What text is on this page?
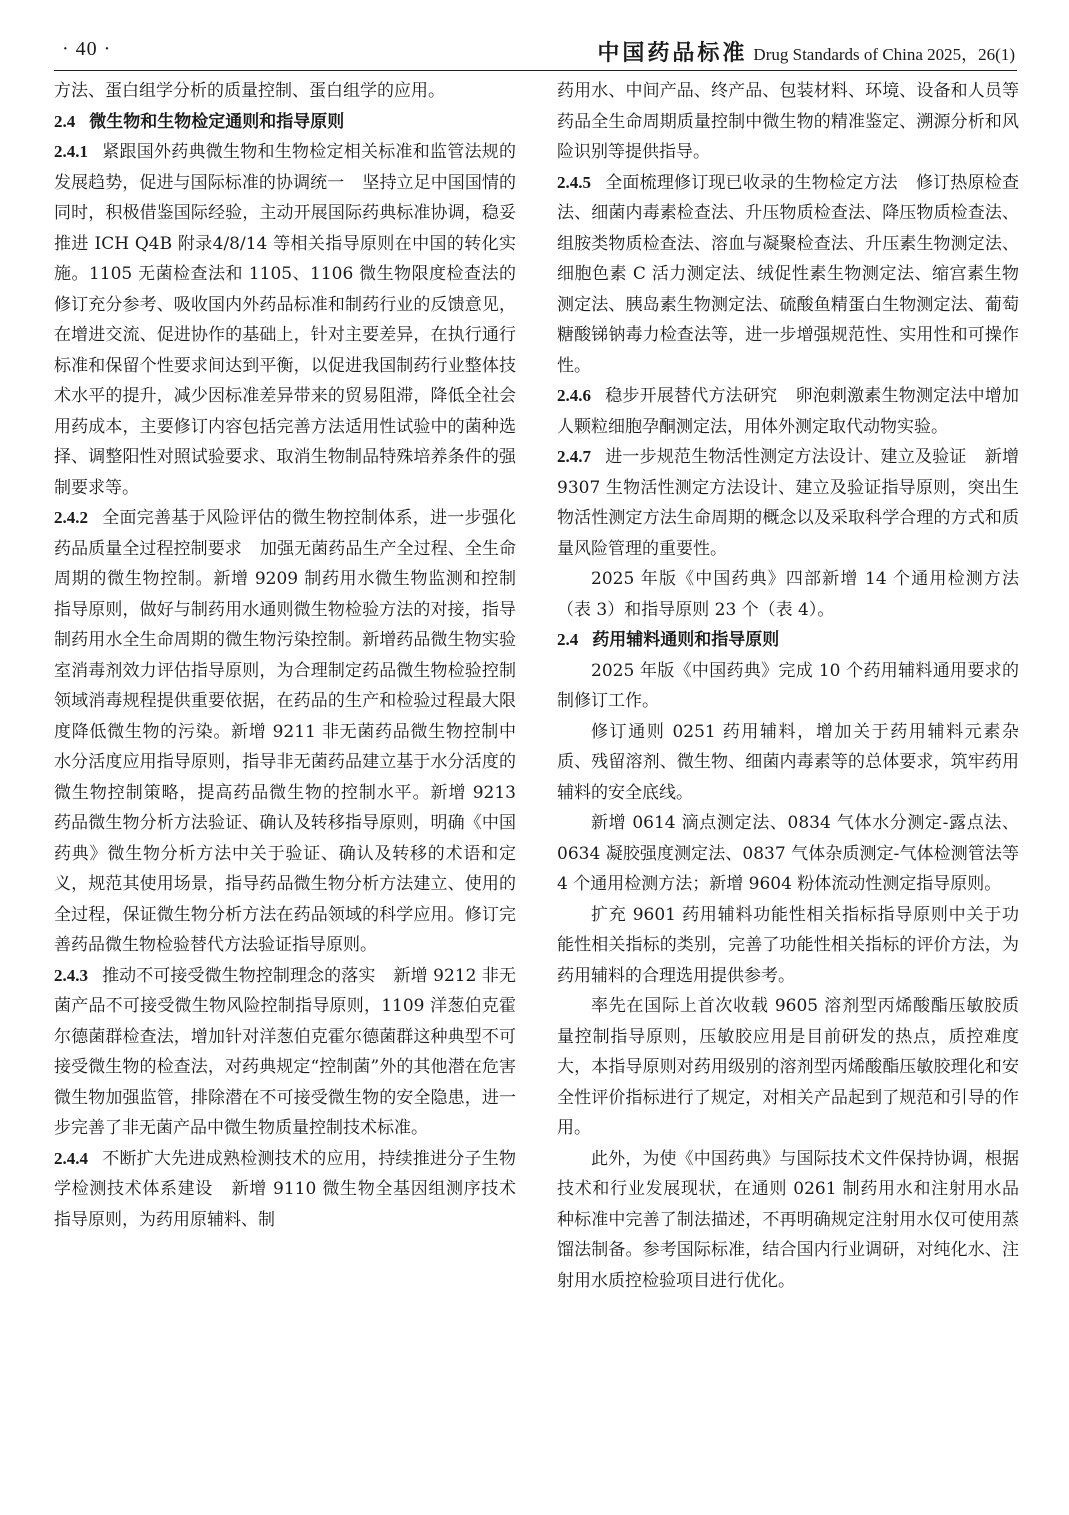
· 40 ·	中国药品标准 Drug Standards of China 2025，26(1)

方法、蛋白组学分析的质量控制、蛋白组学的应用。

2.4 微生物和生物检定通则和指导原则

2.4.1 紧跟国外药典微生物和生物检定相关标准和监管法规的发展趋势，促进与国际标准的协调统一 坚持立足中国国情的同时，积极借鉴国际经验，主动开展国际药典标准协调，稳妥推进 ICH Q4B 附录4/8/14 等相关指导原则在中国的转化实施。1105 无菌检查法和 1105、1106 微生物限度检查法的修订充分参考、吸收国内外药品标准和制药行业的反馈意见，在增进交流、促进协作的基础上，针对主要差异，在执行通行标准和保留个性要求间达到平衡，以促进我国制药行业整体技术水平的提升，减少因标准差异带来的贸易阻滞，降低全社会用药成本，主要修订内容包括完善方法适用性试验中的菌种选择、调整阳性对照试验要求、取消生物制品特殊培养条件的强制要求等。

2.4.2 全面完善基于风险评估的微生物控制体系，进一步强化药品质量全过程控制要求 加强无菌药品生产全过程、全生命周期的微生物控制。新增 9209 制药用水微生物监测和控制指导原则，做好与制药用水通则微生物检验方法的对接，指导制药用水全生命周期的微生物污染控制。新增药品微生物实验室消毒剂效力评估指导原则，为合理制定药品微生物检验控制领域消毒规程提供重要依据，在药品的生产和检验过程最大限度降低微生物的污染。新增 9211 非无菌药品微生物控制中水分活度应用指导原则，指导非无菌药品建立基于水分活度的微生物控制策略，提高药品微生物的控制水平。新增 9213 药品微生物分析方法验证、确认及转移指导原则，明确《中国药典》微生物分析方法中关于验证、确认及转移的术语和定义，规范其使用场景，指导药品微生物分析方法建立、使用的全过程，保证微生物分析方法在药品领域的科学应用。修订完善药品微生物检验替代方法验证指导原则。

2.4.3 推动不可接受微生物控制理念的落实 新增 9212 非无菌产品不可接受微生物风险控制指导原则，1109 洋葱伯克霍尔德菌群检查法，增加针对洋葱伯克霍尔德菌群这种典型不可接受微生物的检查法，对药典规定“控制菌”外的其他潜在危害微生物加强监管，排除潜在不可接受微生物的安全隐患，进一步完善了非无菌产品中微生物质量控制技术标准。

2.4.4 不断扩大先进成熟检测技术的应用，持续推进分子生物学检测技术体系建设 新增 9110 微生物全基因组测序技术指导原则，为药用原辅料、制

药用水、中间产品、终产品、包装材料、环境、设备和人员等药品全生命周期质量控制中微生物的精准鉴定、溯源分析和风险识别等提供指导。

2.4.5 全面梳理修订现已收录的生物检定方法 修订热原检查法、细菌内毒素检查法、升压物质检查法、降压物质检查法、组胺类物质检查法、溶血与凝聚检查法、升压素生物测定法、细胞色素 C 活力测定法、绒促性素生物测定法、缩宫素生物测定法、胰岛素生物测定法、硫酸鱼精蛋白生物测定法、葡萄糖酸锑钠毒力检查法等，进一步增强规范性、实用性和可操作性。

2.4.6 稳步开展替代方法研究 卵泡刺激素生物测定法中增加人颗粒细胞孕酮测定法，用体外测定取代动物实验。

2.4.7 进一步规范生物活性测定方法设计、建立及验证 新增 9307 生物活性测定方法设计、建立及验证指导原则，突出生物活性测定方法生命周期的概念以及采取科学合理的方式和质量风险管理的重要性。

2025 年版《中国药典》四部新增 14 个通用检测方法（表 3）和指导原则 23 个（表 4）。

2.4 药用辅料通则和指导原则

2025 年版《中国药典》完成 10 个药用辅料通用要求的制修订工作。

修订通则 0251 药用辅料，增加关于药用辅料元素杂质、残留溶剂、微生物、细菌内毒素等的总体要求，筑牢药用辅料的安全底线。

新增 0614 滴点测定法、0834 气体水分测定-露点法、0634 凝胶强度测定法、0837 气体杂质测定-气体检测管法等 4 个通用检测方法；新增 9604 粉体流动性测定指导原则。

扩充 9601 药用辅料功能性相关指标指导原则中关于功能性相关指标的类别，完善了功能性相关指标的评价方法，为药用辅料的合理选用提供参考。

率先在国际上首次收载 9605 溶剂型丙烯酸酯压敏胶质量控制指导原则，压敏胶应用是目前研发的热点，质控难度大，本指导原则对药用级别的溶剂型丙烯酸酯压敏胶理化和安全性评价指标进行了规定，对相关产品起到了规范和引导的作用。

此外，为使《中国药典》与国际技术文件保持协调，根据技术和行业发展现状，在通则 0261 制药用水和注射用水品种标准中完善了制法描述，不再明确规定注射用水仅可使用蒸馏法制备。参考国际标准，结合国内行业调研，对纯化水、注射用水质控检验项目进行优化。
